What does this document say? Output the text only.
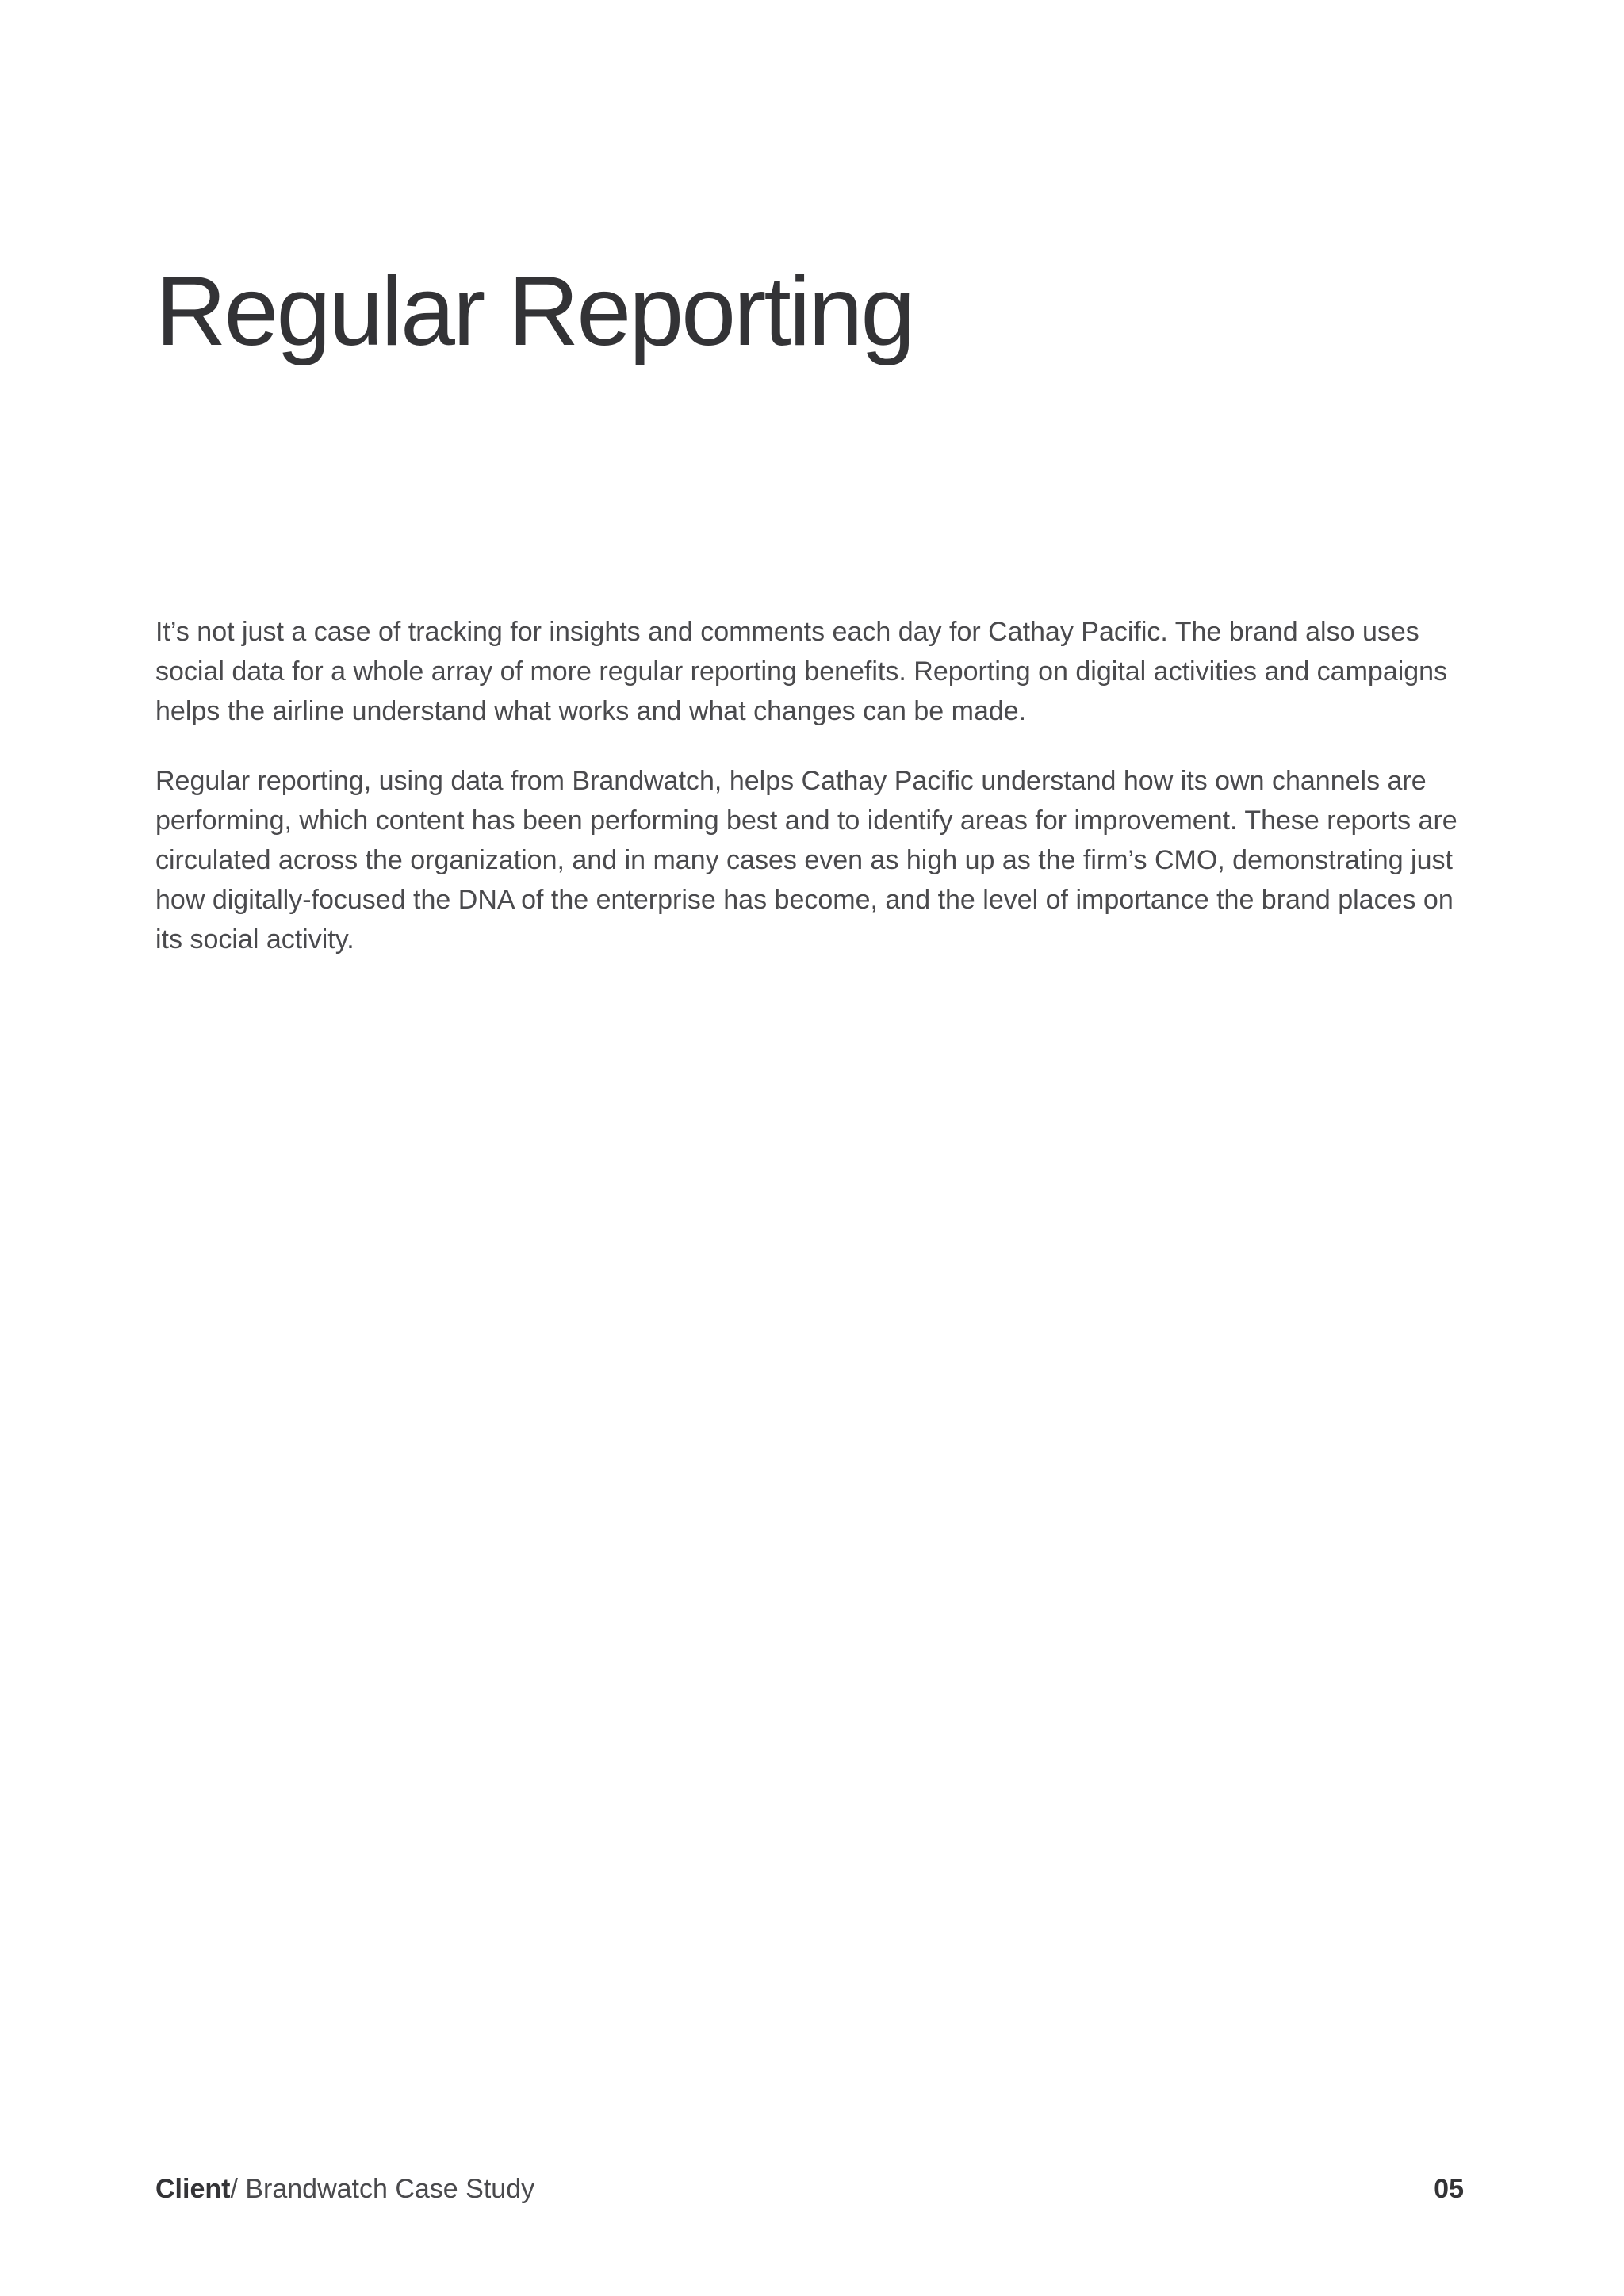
Regular Reporting

It’s not just a case of tracking for insights and comments each day for Cathay Pacific. The brand also uses social data for a whole array of more regular reporting benefits. Reporting on digital activities and campaigns helps the airline understand what works and what changes can be made.

Regular reporting, using data from Brandwatch, helps Cathay Pacific understand how its own channels are performing, which content has been performing best and to identify areas for improvement. These reports are circulated across the organization, and in many cases even as high up as the firm’s CMO, demonstrating just how digitally-focused the DNA of the enterprise has become, and the level of importance the brand places on its social activity.

Client/ Brandwatch Case Study	05
